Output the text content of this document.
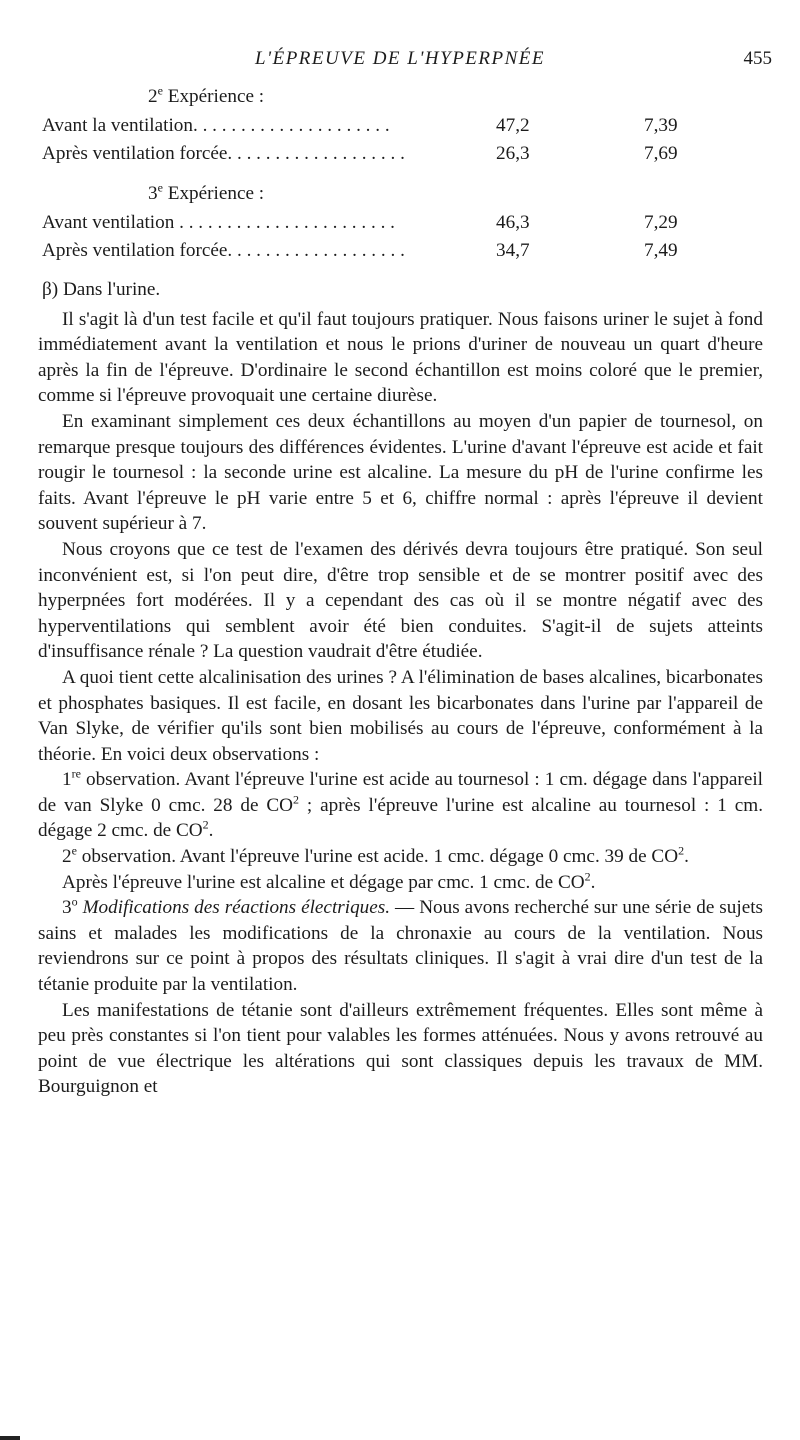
L'ÉPREUVE DE L'HYPERPNÉE	455
2e Expérience :
Avant la ventilation. . . . . . . . . . . . . . . . . . . . .	47,2	7,39
Après ventilation forcée. . . . . . . . . . . . . . . . . . .	26,3	7,69
3e Expérience :
Avant ventilation . . . . . . . . . . . . . . . . . . . . . . .	46,3	7,29
Après ventilation forcée. . . . . . . . . . . . . . . . . . .	34,7	7,49
β) Dans l'urine.

Il s'agit là d'un test facile et qu'il faut toujours pratiquer. Nous faisons uriner le sujet à fond immédiatement avant la ventilation et nous le prions d'uriner de nouveau un quart d'heure après la fin de l'épreuve. D'ordinaire le second échantillon est moins coloré que le premier, comme si l'épreuve provoquait une certaine diurèse.

En examinant simplement ces deux échantillons au moyen d'un papier de tournesol, on remarque presque toujours des différences évidentes. L'urine d'avant l'épreuve est acide et fait rougir le tournesol : la seconde urine est alcaline. La mesure du pH de l'urine confirme les faits. Avant l'épreuve le pH varie entre 5 et 6, chiffre normal : après l'épreuve il devient souvent supérieur à 7.

Nous croyons que ce test de l'examen des dérivés devra toujours être pratiqué. Son seul inconvénient est, si l'on peut dire, d'être trop sensible et de se montrer positif avec des hyperpnées fort modérées. Il y a cependant des cas où il se montre négatif avec des hyperventilations qui semblent avoir été bien conduites. S'agit-il de sujets atteints d'insuffisance rénale ? La question vaudrait d'être étudiée.

A quoi tient cette alcalinisation des urines ? A l'élimination de bases alcalines, bicarbonates et phosphates basiques. Il est facile, en dosant les bicarbonates dans l'urine par l'appareil de Van Slyke, de vérifier qu'ils sont bien mobilisés au cours de l'épreuve, conformément à la théorie. En voici deux observations :

1re observation. Avant l'épreuve l'urine est acide au tournesol : 1 cm. dégage dans l'appareil de van Slyke 0 cmc. 28 de $CO^2$ ; après l'épreuve l'urine est alcaline au tournesol : 1 cm. dégage 2 cmc. de $CO^2$.

2e observation. Avant l'épreuve l'urine est acide. 1 cmc. dégage 0 cmc. 39 de $CO^2$.

Après l'épreuve l'urine est alcaline et dégage par cmc. 1 cmc. de $CO^2$.

3$^o$ Modifications des réactions électriques. — Nous avons recherché sur une série de sujets sains et malades les modifications de la chronaxie au cours de la ventilation. Nous reviendrons sur ce point à propos des résultats cliniques. Il s'agit à vrai dire d'un test de la tétanie produite par la ventilation.

Les manifestations de tétanie sont d'ailleurs extrêmement fréquentes. Elles sont même à peu près constantes si l'on tient pour valables les formes atténuées. Nous y avons retrouvé au point de vue électrique les altérations qui sont classiques depuis les travaux de MM. Bourguignon et
